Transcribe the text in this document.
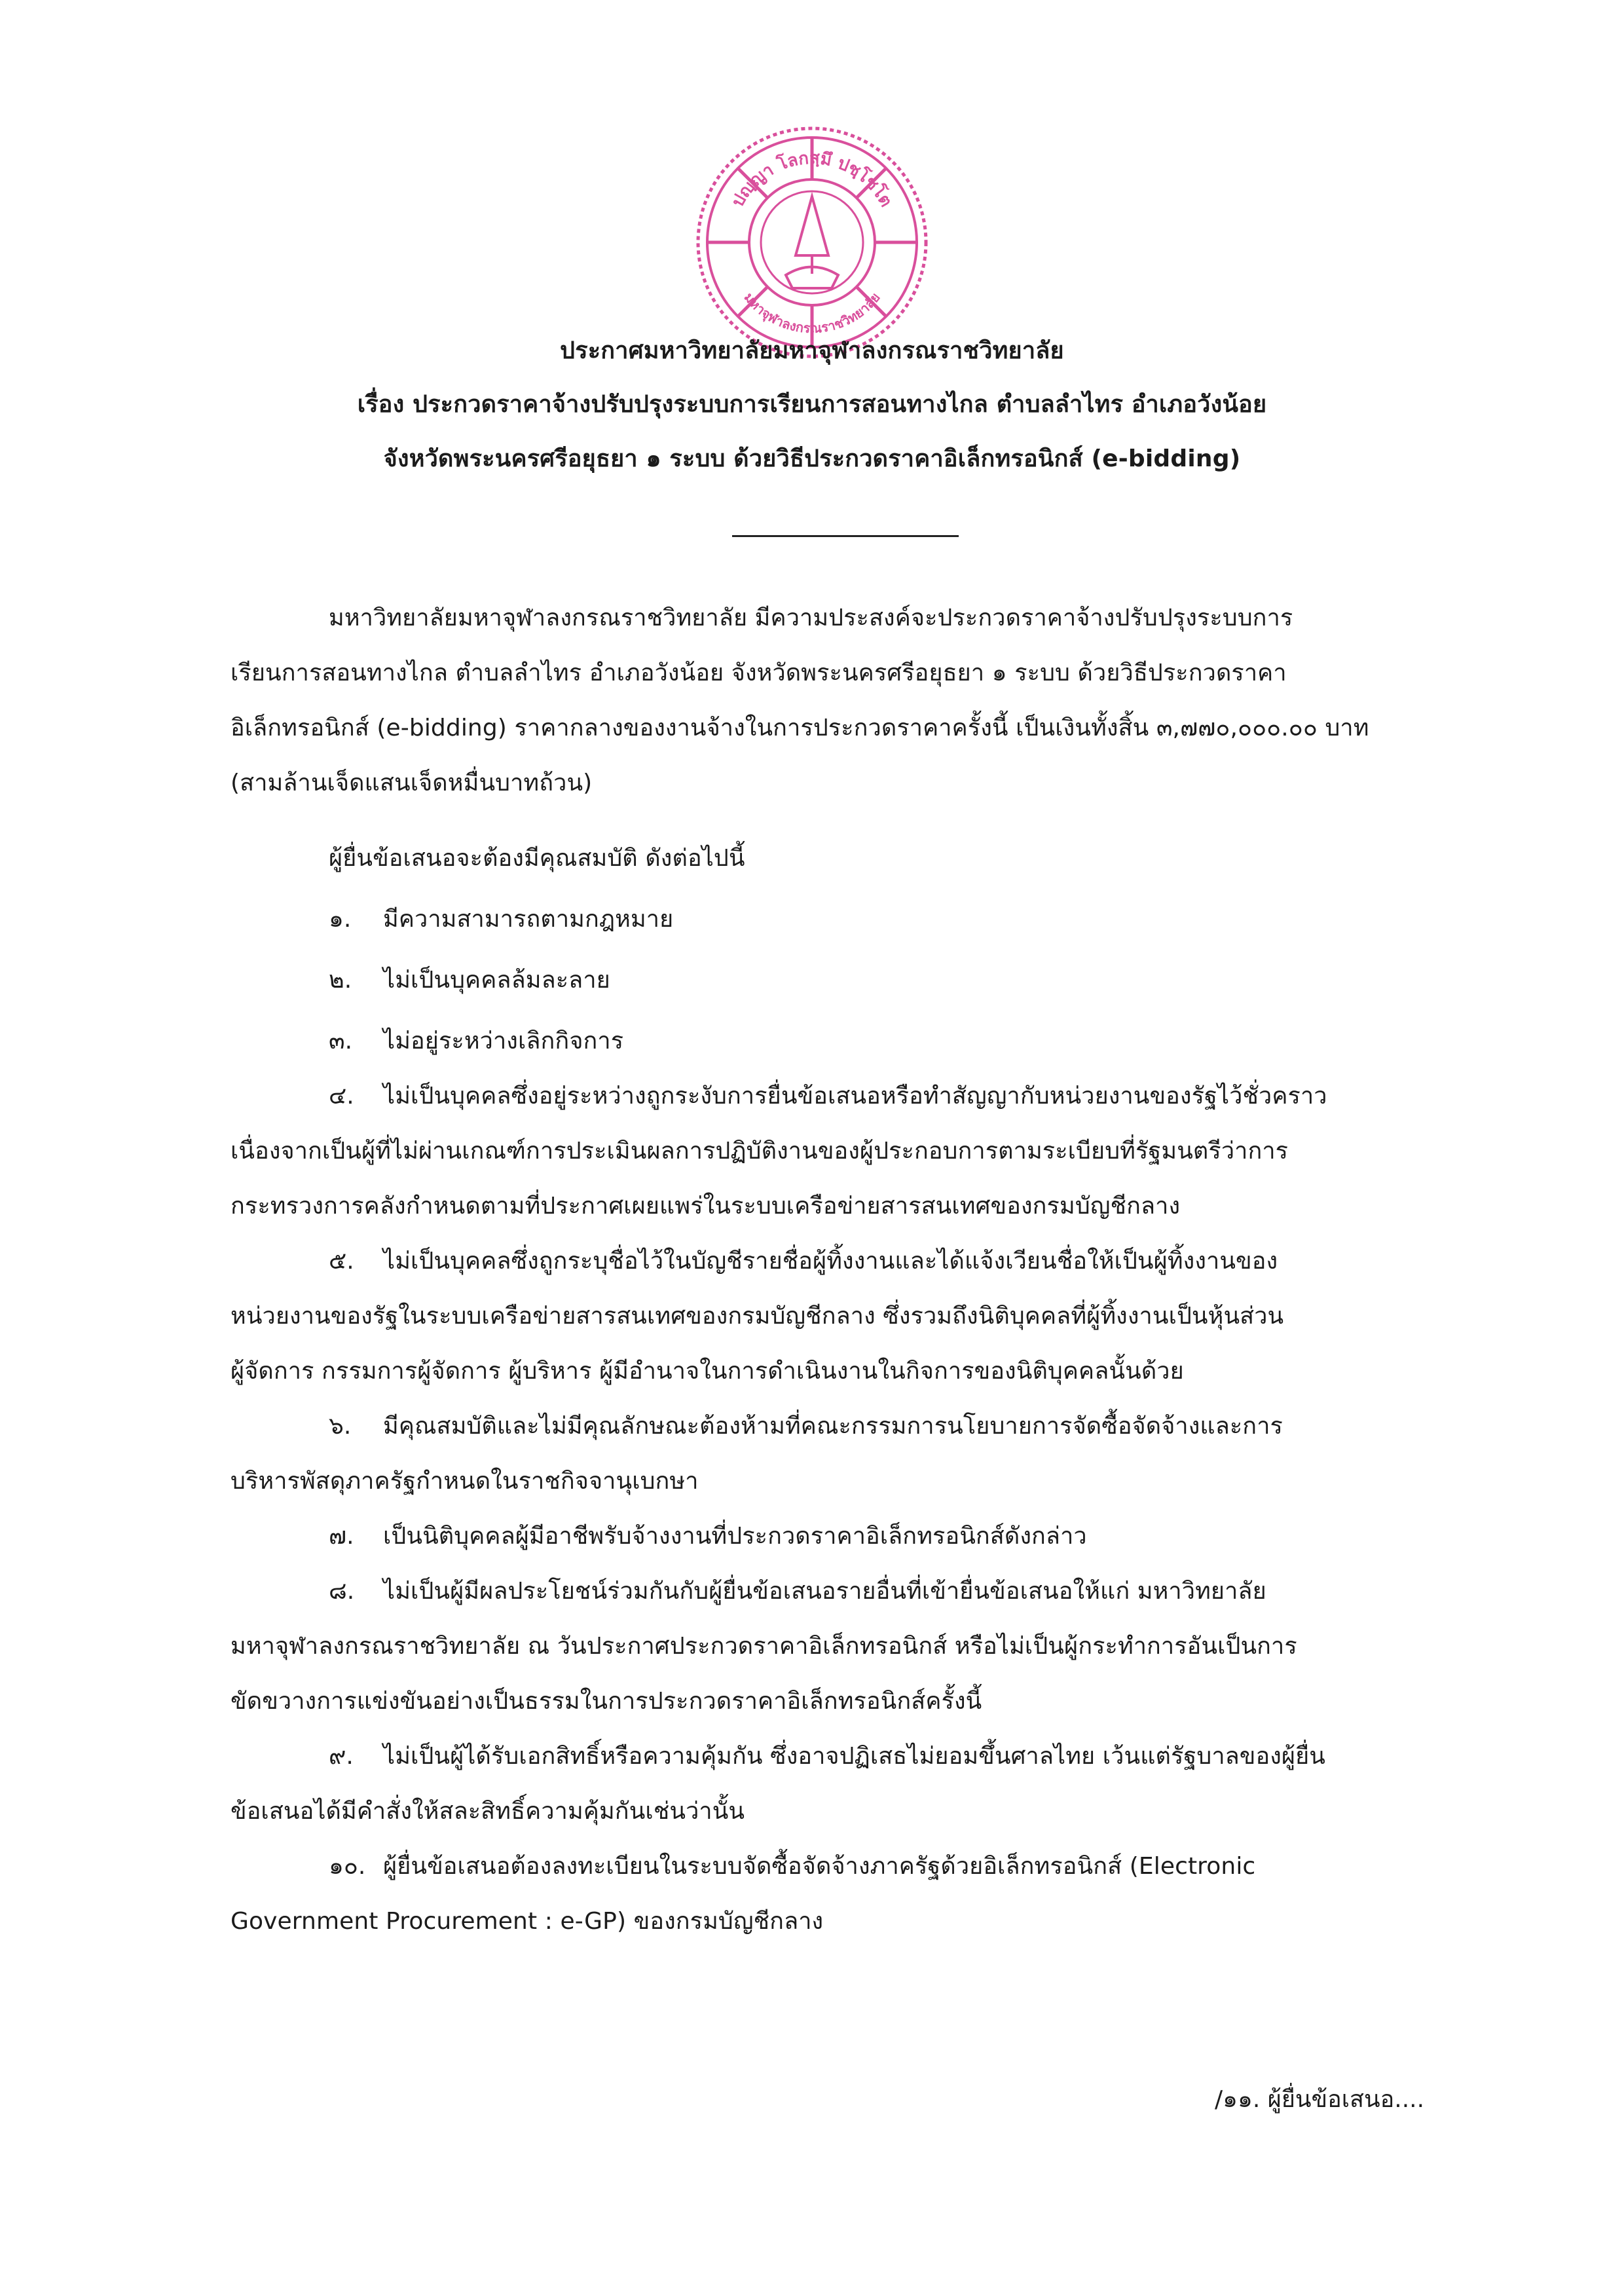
ปญฺญา โลกสฺมึ ปชฺโชโต
มหาจุฬาลงกรณราชวิทยาลัย
ประกาศมหาวิทยาลัยมหาจุฬาลงกรณราชวิทยาลัย
เรื่อง ประกวดราคาจ้างปรับปรุงระบบการเรียนการสอนทางไกล ตำบลลำไทร อำเภอวังน้อย
จังหวัดพระนครศรีอยุธยา ๑ ระบบ ด้วยวิธีประกวดราคาอิเล็กทรอนิกส์ (e-bidding)
มหาวิทยาลัยมหาจุฬาลงกรณราชวิทยาลัย มีความประสงค์จะประกวดราคาจ้างปรับปรุงระบบการ
เรียนการสอนทางไกล ตำบลลำไทร อำเภอวังน้อย จังหวัดพระนครศรีอยุธยา ๑ ระบบ ด้วยวิธีประกวดราคา
อิเล็กทรอนิกส์ (e-bidding) ราคากลางของงานจ้างในการประกวดราคาครั้งนี้ เป็นเงินทั้งสิ้น ๓,๗๗๐,๐๐๐.๐๐ บาท
(สามล้านเจ็ดแสนเจ็ดหมื่นบาทถ้วน)
ผู้ยื่นข้อเสนอจะต้องมีคุณสมบัติ ดังต่อไปนี้
๑. มีความสามารถตามกฎหมาย
๒. ไม่เป็นบุคคลล้มละลาย
๓. ไม่อยู่ระหว่างเลิกกิจการ
๔. ไม่เป็นบุคคลซึ่งอยู่ระหว่างถูกระงับการยื่นข้อเสนอหรือทำสัญญากับหน่วยงานของรัฐไว้ชั่วคราว
เนื่องจากเป็นผู้ที่ไม่ผ่านเกณฑ์การประเมินผลการปฏิบัติงานของผู้ประกอบการตามระเบียบที่รัฐมนตรีว่าการ
กระทรวงการคลังกำหนดตามที่ประกาศเผยแพร่ในระบบเครือข่ายสารสนเทศของกรมบัญชีกลาง
๕. ไม่เป็นบุคคลซึ่งถูกระบุชื่อไว้ในบัญชีรายชื่อผู้ทิ้งงานและได้แจ้งเวียนชื่อให้เป็นผู้ทิ้งงานของ
หน่วยงานของรัฐในระบบเครือข่ายสารสนเทศของกรมบัญชีกลาง ซึ่งรวมถึงนิติบุคคลที่ผู้ทิ้งงานเป็นหุ้นส่วน
ผู้จัดการ กรรมการผู้จัดการ ผู้บริหาร ผู้มีอำนาจในการดำเนินงานในกิจการของนิติบุคคลนั้นด้วย
๖. มีคุณสมบัติและไม่มีคุณลักษณะต้องห้ามที่คณะกรรมการนโยบายการจัดซื้อจัดจ้างและการ
บริหารพัสดุภาครัฐกำหนดในราชกิจจานุเบกษา
๗. เป็นนิติบุคคลผู้มีอาชีพรับจ้างงานที่ประกวดราคาอิเล็กทรอนิกส์ดังกล่าว
๘. ไม่เป็นผู้มีผลประโยชน์ร่วมกันกับผู้ยื่นข้อเสนอรายอื่นที่เข้ายื่นข้อเสนอให้แก่ มหาวิทยาลัย
มหาจุฬาลงกรณราชวิทยาลัย ณ วันประกาศประกวดราคาอิเล็กทรอนิกส์ หรือไม่เป็นผู้กระทำการอันเป็นการ
ขัดขวางการแข่งขันอย่างเป็นธรรมในการประกวดราคาอิเล็กทรอนิกส์ครั้งนี้
๙. ไม่เป็นผู้ได้รับเอกสิทธิ์หรือความคุ้มกัน ซึ่งอาจปฏิเสธไม่ยอมขึ้นศาลไทย เว้นแต่รัฐบาลของผู้ยื่น
ข้อเสนอได้มีคำสั่งให้สละสิทธิ์ความคุ้มกันเช่นว่านั้น
๑๐. ผู้ยื่นข้อเสนอต้องลงทะเบียนในระบบจัดซื้อจัดจ้างภาครัฐด้วยอิเล็กทรอนิกส์ (Electronic
Government Procurement : e-GP) ของกรมบัญชีกลาง
/๑๑. ผู้ยื่นข้อเสนอ....
